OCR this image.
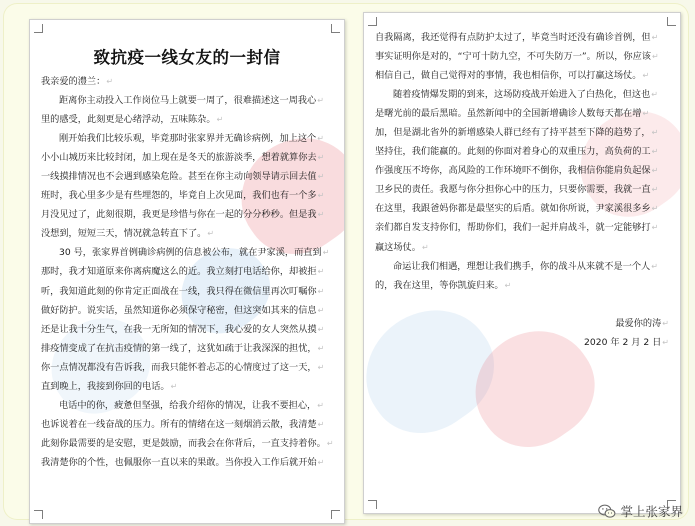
致抗疫一线女友的一封信
我亲爱的澧兰：↵
距离你主动投入工作岗位马上就要一周了，很难描述这一周我心↵
里的感受，此刻更是心绪浮动，五味陈杂。↵
刚开始我们比较乐观，毕竟那时张家界并无确诊病例，加上这个↵
小小山城历来比较封闭，加上现在是冬天的旅游淡季，想着就算你去↵
一线摸排情况也不会遇到感染危险。甚至在你主动向领导请示回去值↵
班时，我心里多少是有些埋怨的，毕竟自上次见面，我们也有一个多↵
月没见过了，此刻很期，我更是珍惜与你在一起的分分秒秒。但是我↵
没想到，短短三天，情况就急转直下了。↵
30 号，张家界首例确诊病例的信息被公布，就在尹家溪，而直到↵
那时，我才知道原来你离病魔这么的近。我立刻打电话给你，却被拒↵
听，我知道此刻的你肯定正面战在一线，我只得在微信里再次叮嘱你↵
做好防护。说实话，虽然知道你必须保守秘密，但这突如其来的信息↵
还是让我十分生气，在我一无所知的情况下，我心爱的女人突然从摸↵
排疫情变成了在抗击疫情的第一线了，这犹如疏于让我深深的担忧，↵
你一点情况都没有告诉我，而我只能怀着忐忑的心情度过了这一天，↵
直到晚上，我接到你回的电话。↵
电话中的你，疲惫但坚强，给我介绍你的情况，让我不要担心，↵
也诉说着在一线奋战的压力。所有的情绪在这一刻烟消云散，我清楚↵
此刻你最需要的是安慰，更是鼓励，而我会在你背后，一直支持着你。↵
我清楚你的个性，也佩服你一直以来的果敢。当你投入工作后就开始↵
自我隔离，我还觉得有点防护太过了，毕竟当时还没有确诊首例，但↵
事实证明你是对的，“宁可十防九空，不可失防万一”。所以，你应该↵
相信自己，做自己觉得对的事情，我也相信你，可以打赢这场仗。↵
随着疫情爆发期的到来，这场防疫战开始进入了白热化，但这也↵
是曙光前的最后黑暗。虽然新闻中的全国新增确诊人数每天都在增↵
加，但是湖北省外的新增感染人群已经有了持平甚至下降的趋势了，↵
坚持住，我们能赢的。此刻的你面对着身心的双重压力，高负荷的工↵
作强度压不垮你，高风险的工作环境吓不倒你，我相信你能肩负起保↵
卫乡民的责任。我愿与你分担你心中的压力，只要你需要，我就一直↵
在这里，我跟爸妈你都是最坚实的后盾。就如你所说，尹家溪很多乡↵
亲们都自发支持你们，帮助你们，我们一起并肩战斗，就一定能够打↵
赢这场仗。↵
命运让我们相遇，理想让我们携手，你的战斗从来就不是一个人↵
的，我在这里，等你凯旋归来。↵
最爱你的涛↵
2020 年 2 月 2 日↵
掌上张家界
